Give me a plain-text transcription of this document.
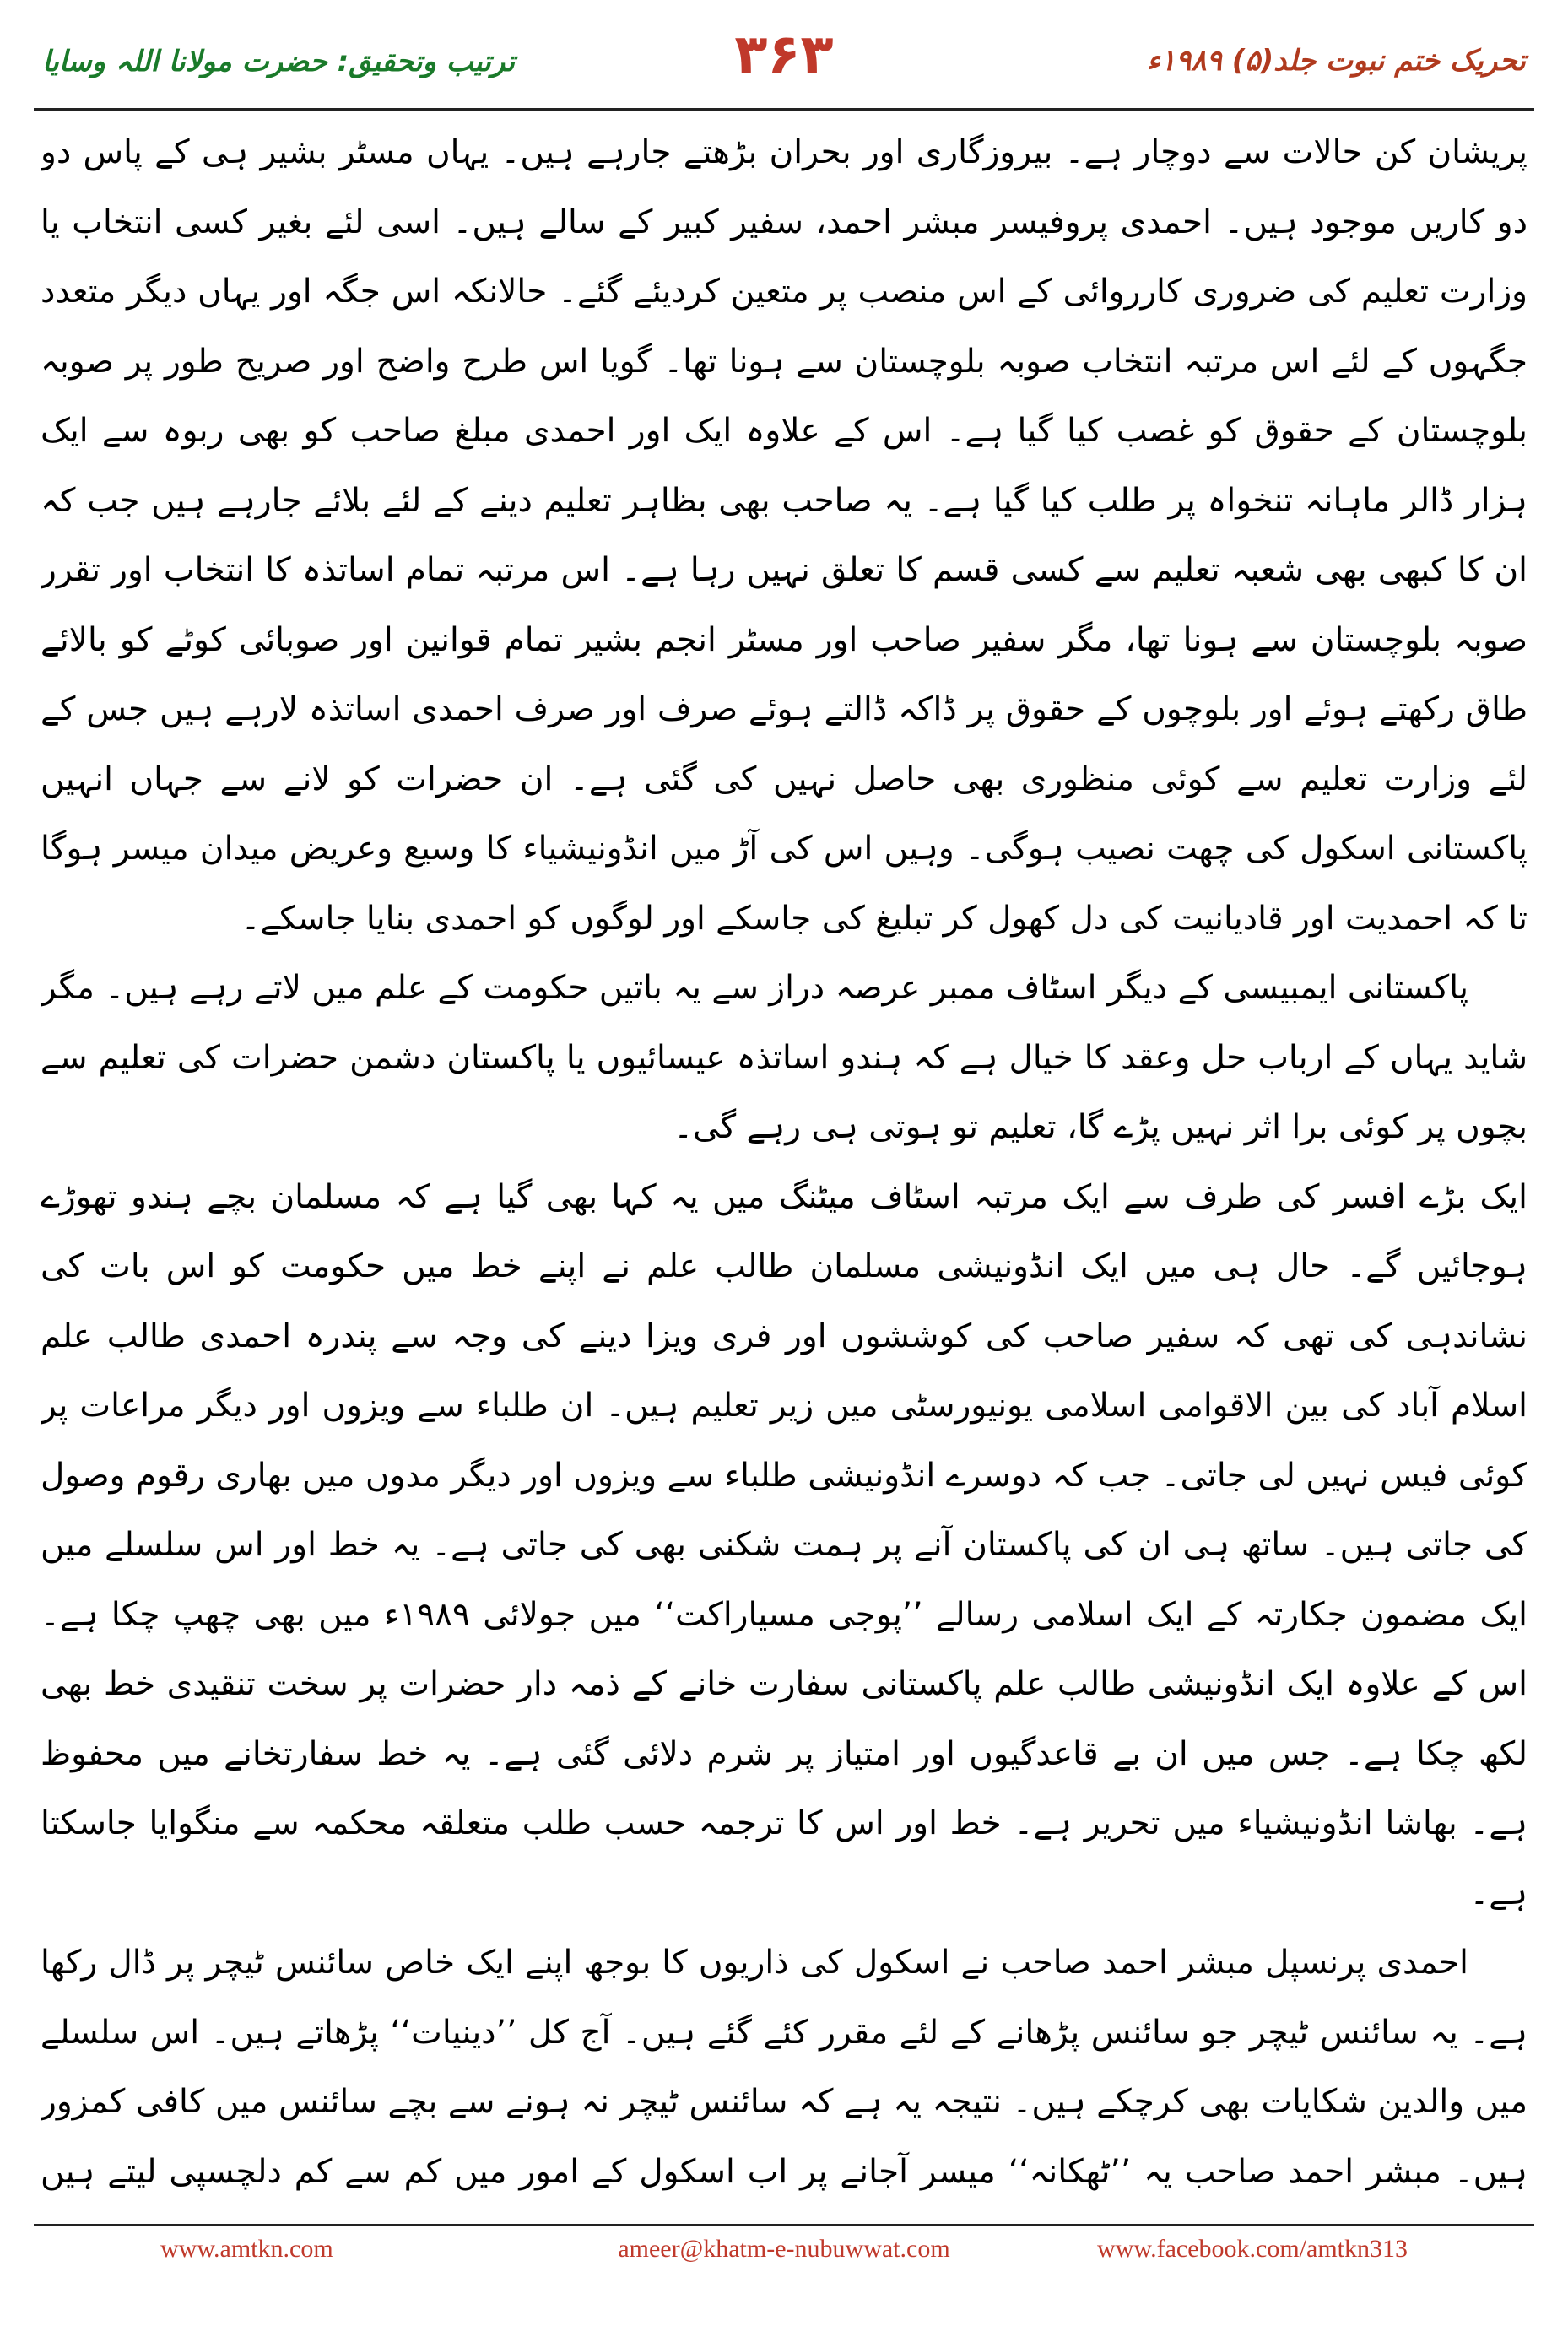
ترتیب وتحقیق: حضرت مولانا اللہ وسایا	۳۶۳	تحریک ختم نبوت جلد(۵) ۱۹۸۹ء

پریشان کن حالات سے دوچار ہے۔ بیروزگاری اور بحران بڑھتے جارہے ہیں۔ یہاں مسٹر بشیر ہی کے پاس دو دو کاریں موجود ہیں۔ احمدی پروفیسر مبشر احمد، سفیر کبیر کے سالے ہیں۔ اسی لئے بغیر کسی انتخاب یا وزارت تعلیم کی ضروری کارروائی کے اس منصب پر متعین کردیئے گئے۔ حالانکہ اس جگہ اور یہاں دیگر متعدد جگہوں کے لئے اس مرتبہ انتخاب صوبہ بلوچستان سے ہونا تھا۔ گویا اس طرح واضح اور صریح طور پر صوبہ بلوچستان کے حقوق کو غصب کیا گیا ہے۔ اس کے علاوہ ایک اور احمدی مبلغ صاحب کو بھی ربوہ سے ایک ہزار ڈالر ماہانہ تنخواہ پر طلب کیا گیا ہے۔ یہ صاحب بھی بظاہر تعلیم دینے کے لئے بلائے جارہے ہیں جب کہ ان کا کبھی بھی شعبہ تعلیم سے کسی قسم کا تعلق نہیں رہا ہے۔ اس مرتبہ تمام اساتذہ کا انتخاب اور تقرر صوبہ بلوچستان سے ہونا تھا، مگر سفیر صاحب اور مسٹر انجم بشیر تمام قوانین اور صوبائی کوٹے کو بالائے طاق رکھتے ہوئے اور بلوچوں کے حقوق پر ڈاکہ ڈالتے ہوئے صرف اور صرف احمدی اساتذہ لارہے ہیں جس کے لئے وزارت تعلیم سے کوئی منظوری بھی حاصل نہیں کی گئی ہے۔ ان حضرات کو لانے سے جہاں انہیں پاکستانی اسکول کی چھت نصیب ہوگی۔ وہیں اس کی آڑ میں انڈونیشیاء کا وسیع وعریض میدان میسر ہوگا تا کہ احمدیت اور قادیانیت کی دل کھول کر تبلیغ کی جاسکے اور لوگوں کو احمدی بنایا جاسکے۔

پاکستانی ایمبیسی کے دیگر اسٹاف ممبر عرصہ دراز سے یہ باتیں حکومت کے علم میں لاتے رہے ہیں۔ مگر شاید یہاں کے ارباب حل وعقد کا خیال ہے کہ ہندو اساتذہ عیسائیوں یا پاکستان دشمن حضرات کی تعلیم سے بچوں پر کوئی برا اثر نہیں پڑے گا، تعلیم تو ہوتی ہی رہے گی۔

ایک بڑے افسر کی طرف سے ایک مرتبہ اسٹاف میٹنگ میں یہ کہا بھی گیا ہے کہ مسلمان بچے ہندو تھوڑے ہوجائیں گے۔ حال ہی میں ایک انڈونیشی مسلمان طالب علم نے اپنے خط میں حکومت کو اس بات کی نشاندہی کی تھی کہ سفیر صاحب کی کوششوں اور فری ویزا دینے کی وجہ سے پندرہ احمدی طالب علم اسلام آباد کی بین الاقوامی اسلامی یونیورسٹی میں زیر تعلیم ہیں۔ ان طلباء سے ویزوں اور دیگر مراعات پر کوئی فیس نہیں لی جاتی۔ جب کہ دوسرے انڈونیشی طلباء سے ویزوں اور دیگر مدوں میں بھاری رقوم وصول کی جاتی ہیں۔ ساتھ ہی ان کی پاکستان آنے پر ہمت شکنی بھی کی جاتی ہے۔ یہ خط اور اس سلسلے میں ایک مضمون جکارتہ کے ایک اسلامی رسالے ’’پوجی مسیاراکت‘‘ میں جولائی ۱۹۸۹ء میں بھی چھپ چکا ہے۔ اس کے علاوہ ایک انڈونیشی طالب علم پاکستانی سفارت خانے کے ذمہ دار حضرات پر سخت تنقیدی خط بھی لکھ چکا ہے۔ جس میں ان بے قاعدگیوں اور امتیاز پر شرم دلائی گئی ہے۔ یہ خط سفارتخانے میں محفوظ ہے۔ بھاشا انڈونیشیاء میں تحریر ہے۔ خط اور اس کا ترجمہ حسب طلب متعلقہ محکمہ سے منگوایا جاسکتا ہے۔

احمدی پرنسپل مبشر احمد صاحب نے اسکول کی ذاریوں کا بوجھ اپنے ایک خاص سائنس ٹیچر پر ڈال رکھا ہے۔ یہ سائنس ٹیچر جو سائنس پڑھانے کے لئے مقرر کئے گئے ہیں۔ آج کل ’’دینیات‘‘ پڑھاتے ہیں۔ اس سلسلے میں والدین شکایات بھی کرچکے ہیں۔ نتیجہ یہ ہے کہ سائنس ٹیچر نہ ہونے سے بچے سائنس میں کافی کمزور ہیں۔ مبشر احمد صاحب یہ ’’ٹھکانہ‘‘ میسر آجانے پر اب اسکول کے امور میں کم سے کم دلچسپی لیتے ہیں

www.amtkn.com	ameer@khatm-e-nubuwwat.com	www.facebook.com/amtkn313
